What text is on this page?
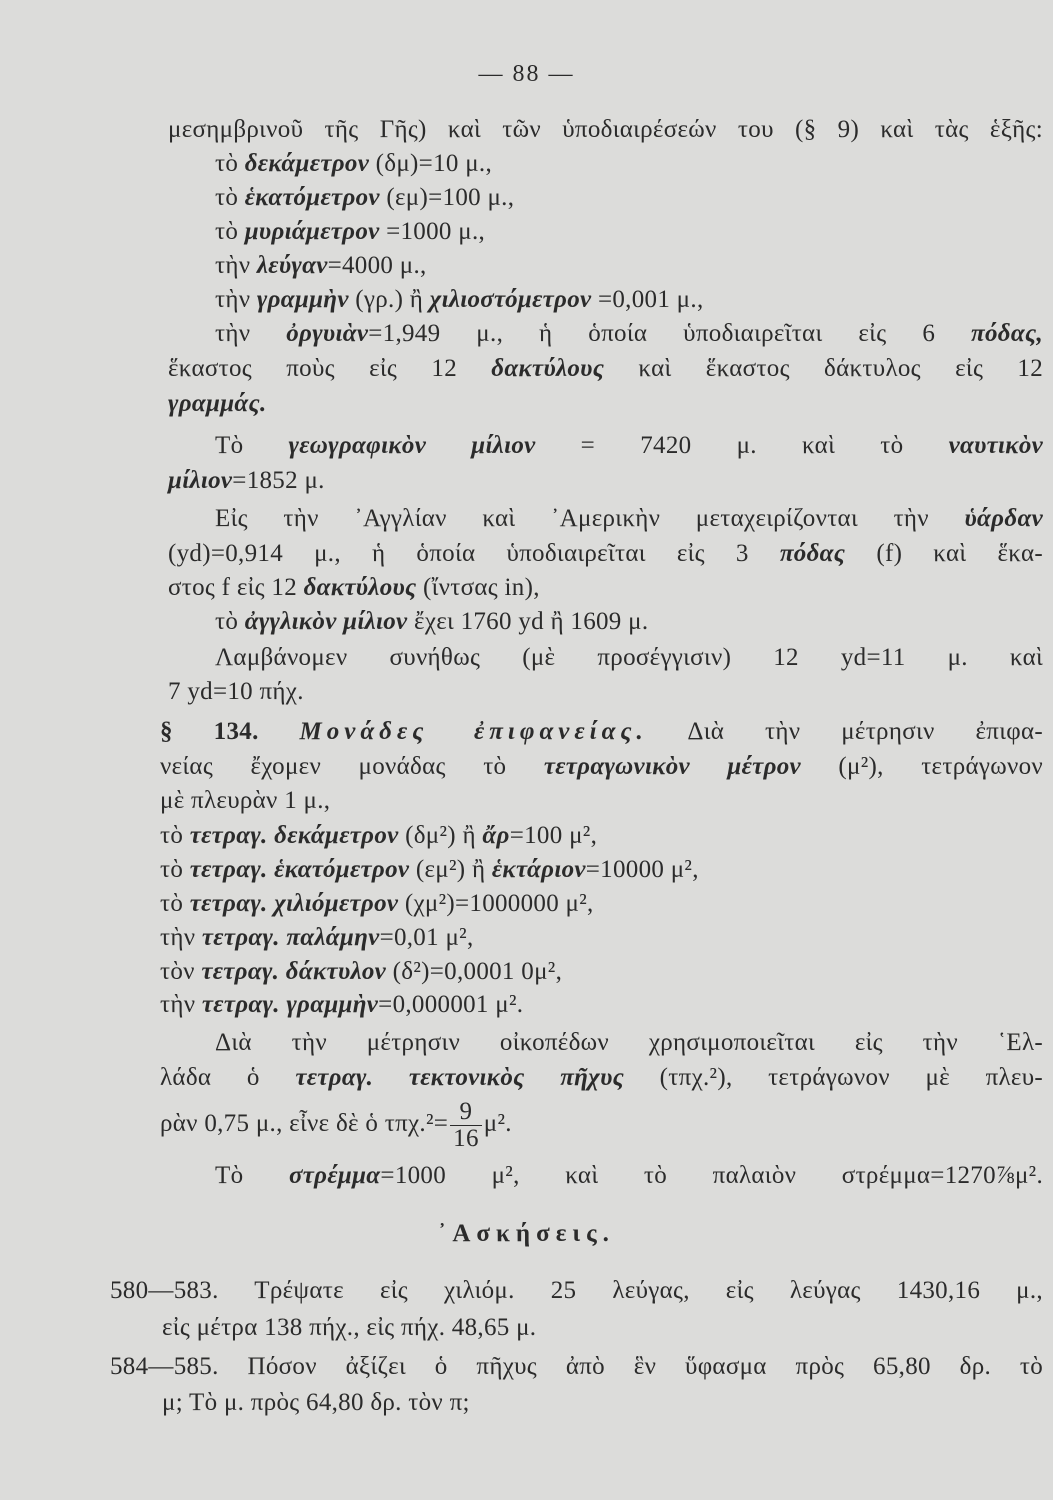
— 88 —
μεσημβρινοῦ τῆς Γῆς) καὶ τῶν ὑποδιαιρέσεών του (§ 9) καὶ τὰς ἑξῆς:
τὸ δεκάμετρον (δμ)=10 μ.,
τὸ ἑκατόμετρον (εμ)=100 μ.,
τὸ μυριάμετρον =1000 μ.,
τὴν λεύγαν=4000 μ.,
τὴν γραμμὴν (γρ.) ἢ χιλιοστόμετρον =0,001 μ.,
τὴν ὀργυιὰν=1,949 μ., ἡ ὁποία ὑποδιαιρεῖται εἰς 6 πόδας,
ἕκαστος ποὺς εἰς 12 δακτύλους καὶ ἕκαστος δάκτυλος εἰς 12
γραμμάς.
Τὸ γεωγραφικὸν μίλιον = 7420 μ. καὶ τὸ ναυτικὸν
μίλιον=1852 μ.
Εἰς τὴν ᾽Αγγλίαν καὶ ᾽Αμερικὴν μεταχειρίζονται τὴν ὑάρδαν
(yd)=0,914 μ., ἡ ὁποία ὑποδιαιρεῖται εἰς 3 πόδας (f) καὶ ἕκα-
στος f εἰς 12 δακτύλους (ἴντσας in),
τὸ ἀγγλικὸν μίλιον ἔχει 1760 yd ἢ 1609 μ.
Λαμβάνομεν συνήθως (μὲ προσέγγισιν) 12 yd=11 μ. καὶ
7 yd=10 πήχ.
§ 134. Μονάδες ἐπιφανείας. Διὰ τὴν μέτρησιν ἐπιφα-
νείας ἔχομεν μονάδας τὸ τετραγωνικὸν μέτρον (μ²), τετράγωνον
μὲ πλευρὰν 1 μ.,
τὸ τετραγ. δεκάμετρον (δμ²) ἢ ἄρ=100 μ²,
τὸ τετραγ. ἑκατόμετρον (εμ²) ἢ ἑκτάριον=10000 μ²,
τὸ τετραγ. χιλιόμετρον (χμ²)=1000000 μ²,
τὴν τετραγ. παλάμην=0,01 μ²,
τὸν τετραγ. δάκτυλον (δ²)=0,0001 0μ²,
τὴν τετραγ. γραμμὴν=0,000001 μ².
Διὰ τὴν μέτρησιν οἰκοπέδων χρησιμοποιεῖται εἰς τὴν ῾Ελ-
λάδα ὁ τετραγ. τεκτονικὸς πῆχυς (τπχ.²), τετράγωνον μὲ πλευ-
ρὰν 0,75 μ., εἶνε δὲ ὁ $\tau\pi\chi.^2= \frac{9}{16} \mu^2$.
Τὸ στρέμμα=1000 μ², καὶ τὸ παλαιὸν στρέμμα=1270⅞μ².
᾽Ασκήσεις.
580—583. Τρέψατε εἰς χιλιόμ. 25 λεύγας, εἰς λεύγας 1430,16 μ.,
εἰς μέτρα 138 πήχ., εἰς πήχ. 48,65 μ.
584—585. Πόσον ἀξίζει ὁ πῆχυς ἀπὸ ἓν ὕφασμα πρὸς 65,80 δρ. τὸ
μ; Τὸ μ. πρὸς 64,80 δρ. τὸν π;
